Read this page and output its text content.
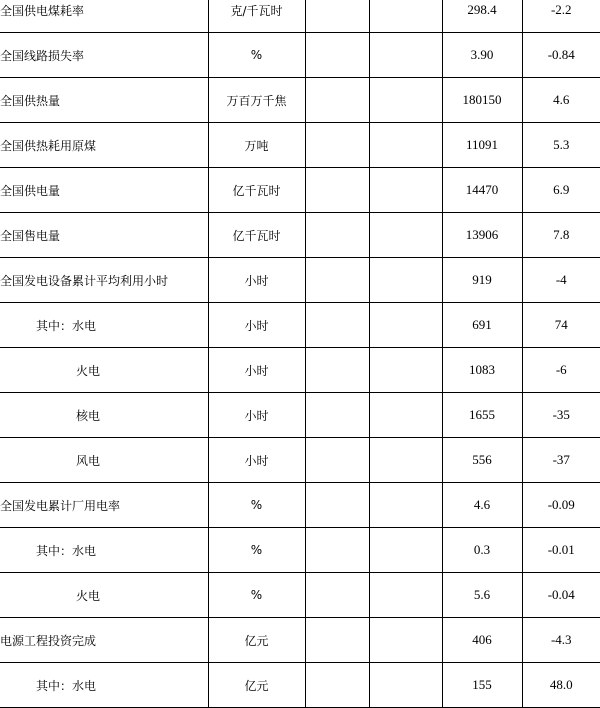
全国供电煤耗率	克/千瓦时			298.4	-2.2
全国线路损失率	%			3.90	-0.84
全国供热量	万百万千焦			180150	4.6
全国供热耗用原煤	万吨			11091	5.3
全国供电量	亿千瓦时			14470	6.9
全国售电量	亿千瓦时			13906	7.8
全国发电设备累计平均利用小时	小时			919	-4
其中：水电	小时			691	74
火电	小时			1083	-6
核电	小时			1655	-35
风电	小时			556	-37
全国发电累计厂用电率	%			4.6	-0.09
其中：水电	%			0.3	-0.01
火电	%			5.6	-0.04
电源工程投资完成	亿元			406	-4.3
其中：水电	亿元			155	48.0
